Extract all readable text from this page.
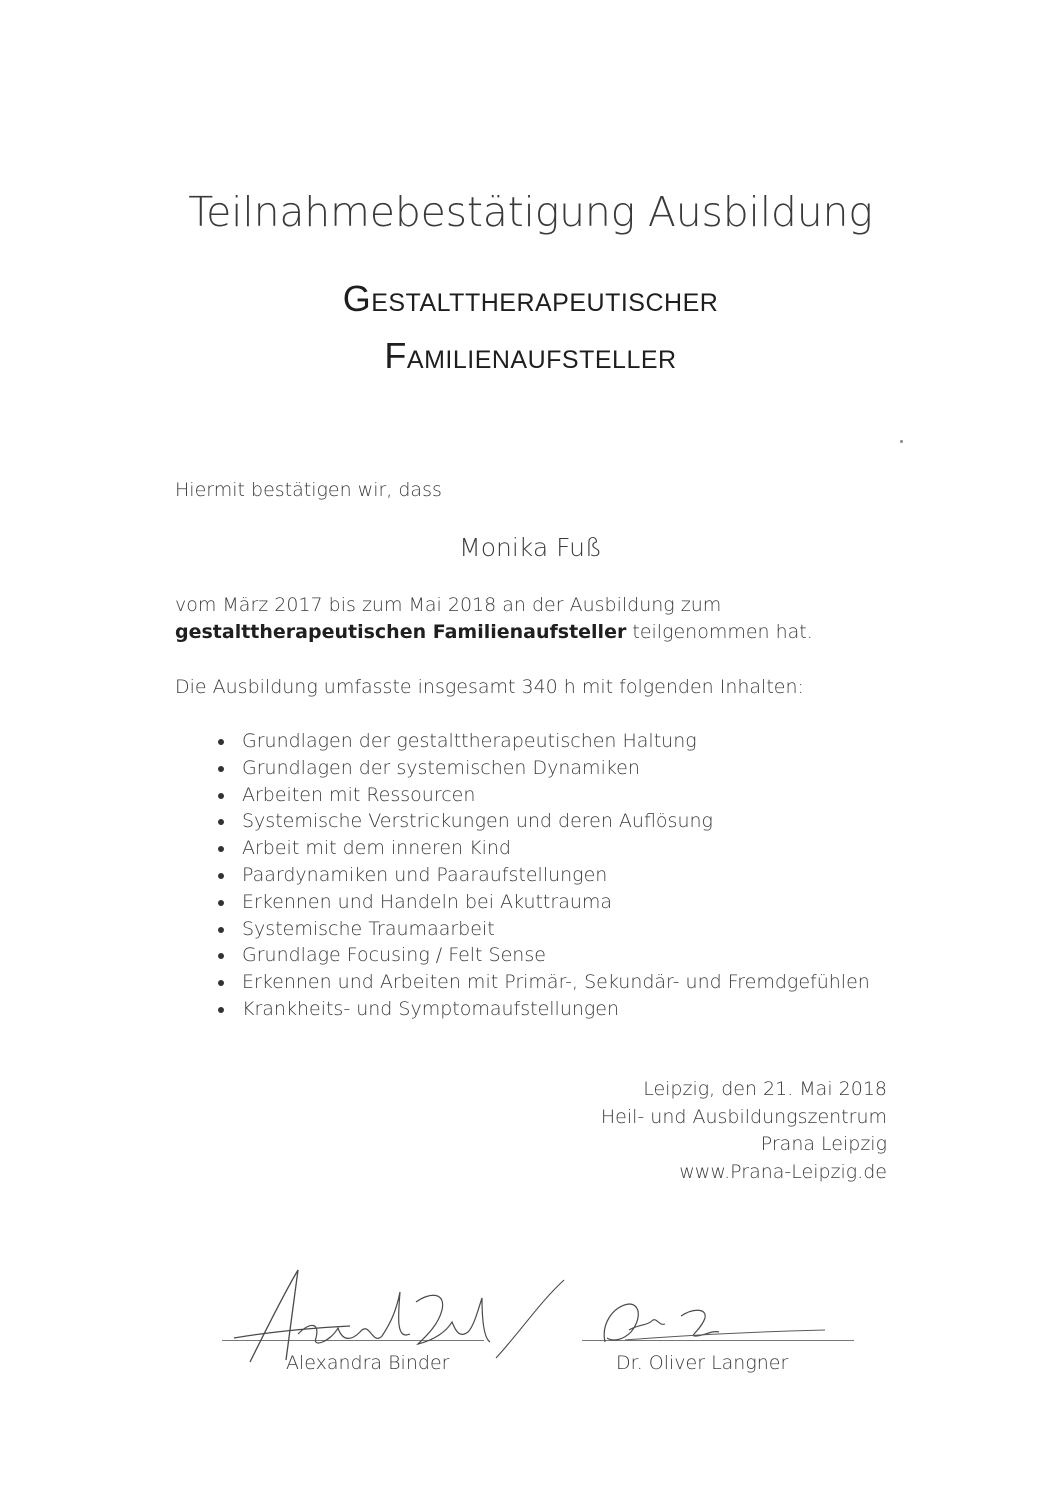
Teilnahmebestätigung Ausbildung
Gestalttherapeutischer
Familienaufsteller
Hiermit bestätigen wir, dass
Monika Fuß
vom März 2017 bis zum Mai 2018 an der Ausbildung zum
gestalttherapeutischen Familienaufsteller teilgenommen hat.
Die Ausbildung umfasste insgesamt 340 h mit folgenden Inhalten:
Grundlagen der gestalttherapeutischen Haltung
Grundlagen der systemischen Dynamiken
Arbeiten mit Ressourcen
Systemische Verstrickungen und deren Auflösung
Arbeit mit dem inneren Kind
Paardynamiken und Paaraufstellungen
Erkennen und Handeln bei Akuttrauma
Systemische Traumaarbeit
Grundlage Focusing / Felt Sense
Erkennen und Arbeiten mit Primär-, Sekundär- und Fremdgefühlen
Krankheits- und Symptomaufstellungen
Leipzig, den 21. Mai 2018
Heil- und Ausbildungszentrum
Prana Leipzig
www.Prana-Leipzig.de
Alexandra Binder	Dr. Oliver Langner
